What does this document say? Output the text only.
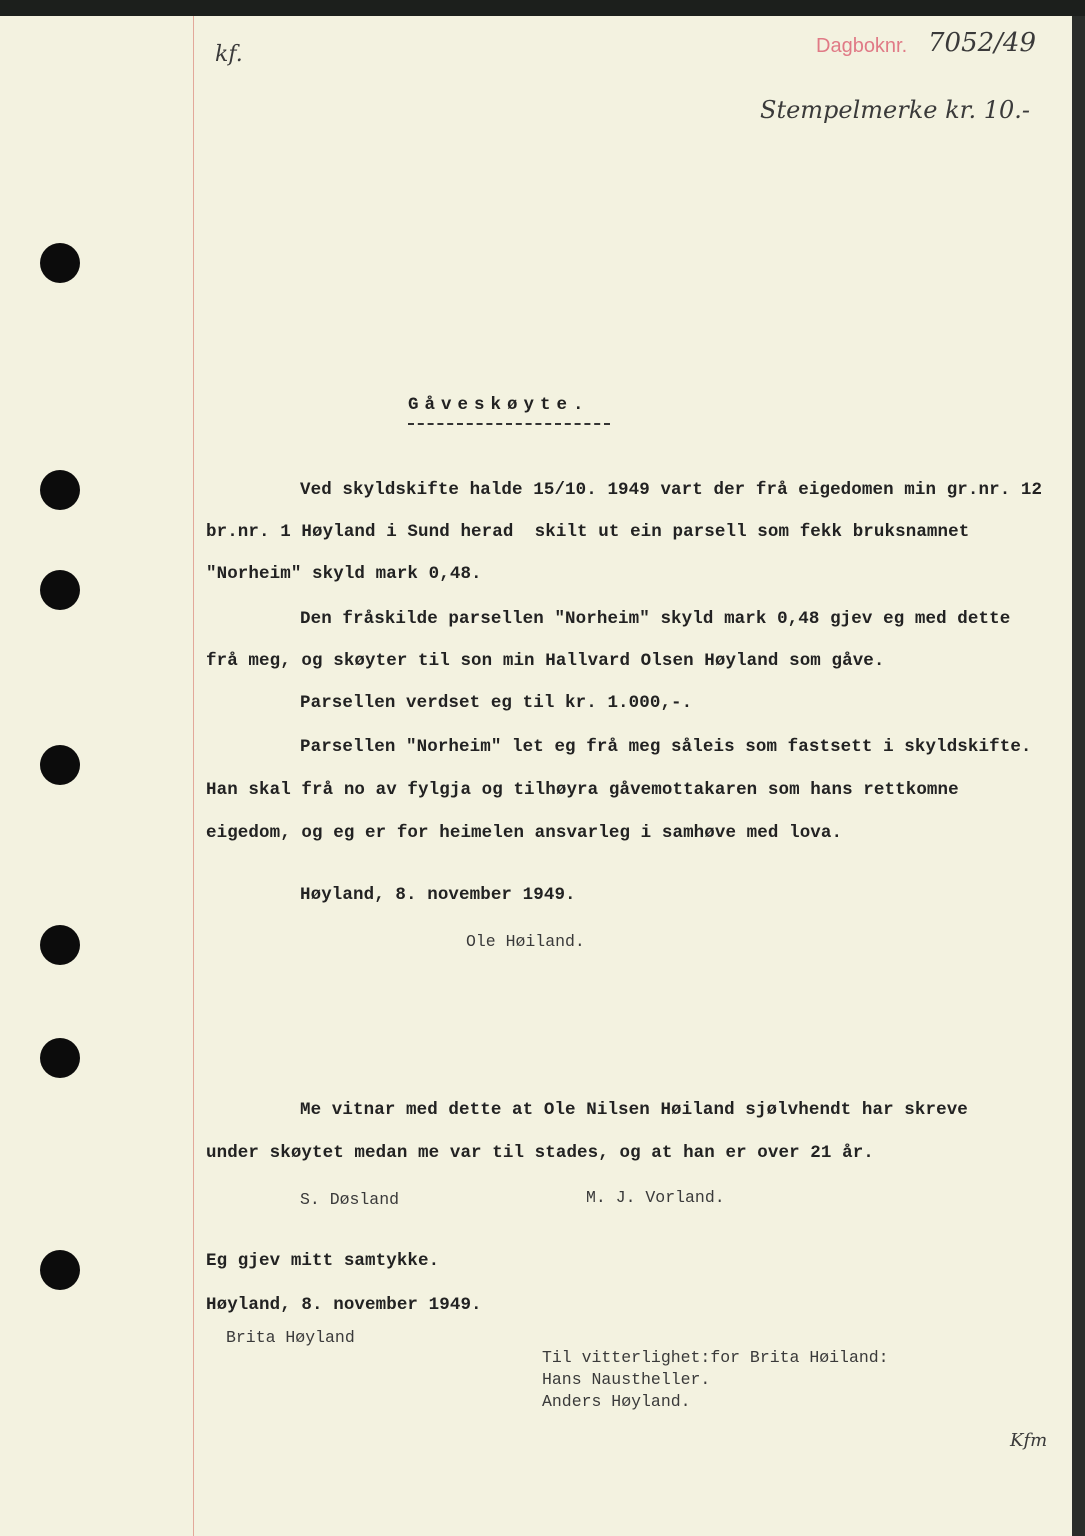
kf.	Dagboknr. 7052/49
Stempelmerke kr. 10.-
Gåveskøyte.
Ved skyldskifte halde 15/10. 1949 vart der frå eigedomen min gr.nr. 12
br.nr. 1 Høyland i Sund herad  skilt ut ein parsell som fekk bruksnamnet
"Norheim" skyld mark 0,48.
Den fråskilde parsellen "Norheim" skyld mark 0,48 gjev eg med dette
frå meg, og skøyter til son min Hallvard Olsen Høyland som gåve.
Parsellen verdset eg til kr. 1.000,-.
Parsellen "Norheim" let eg frå meg såleis som fastsett i skyldskifte.
Han skal frå no av fylgja og tilhøyra gåvemottakaren som hans rettkomne
eigedom, og eg er for heimelen ansvarleg i samhøve med lova.
Høyland, 8. november 1949.
Ole Høiland.
Me vitnar med dette at Ole Nilsen Høiland sjølvhendt har skreve
under skøytet medan me var til stades, og at han er over 21 år.
S. Døsland	M. J. Vorland.
Eg gjev mitt samtykke.
Høyland, 8. november 1949.
Brita Høyland
Til vitterlighet:for Brita Høiland:
Hans Naustheller.
Anders Høyland.
Kfm
